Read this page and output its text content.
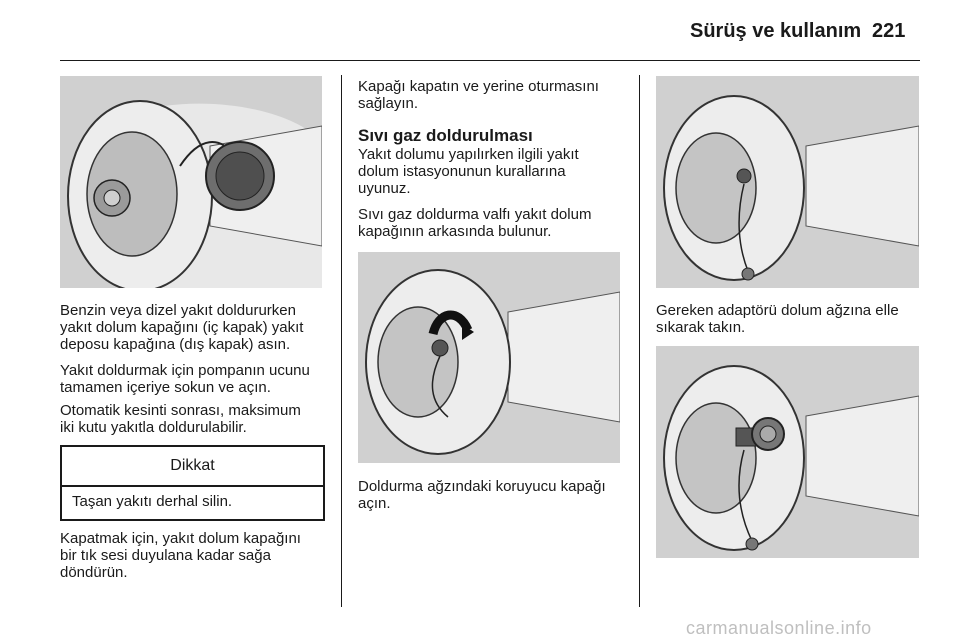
Sürüş ve kullanım 221

Benzin veya dizel yakıt doldururken
yakıt dolum kapağını (iç kapak) yakıt
deposu kapağına (dış kapak) asın.

Yakıt doldurmak için pompanın ucunu
tamamen içeriye sokun ve açın.

Otomatik kesinti sonrası, maksimum
iki kutu yakıtla doldurulabilir.

Dikkat
Taşan yakıtı derhal silin.

Kapatmak için, yakıt dolum kapağını
bir tık sesi duyulana kadar sağa
döndürün.

Kapağı kapatın ve yerine oturmasını
sağlayın.

Sıvı gaz doldurulması

Yakıt dolumu yapılırken ilgili yakıt
dolum istasyonunun kurallarına
uyunuz.

Sıvı gaz doldurma valfı yakıt dolum
kapağının arkasında bulunur.

Doldurma ağzındaki koruyucu kapağı
açın.

Gereken adaptörü dolum ağzına elle
sıkarak takın.

carmanualsonline.info
